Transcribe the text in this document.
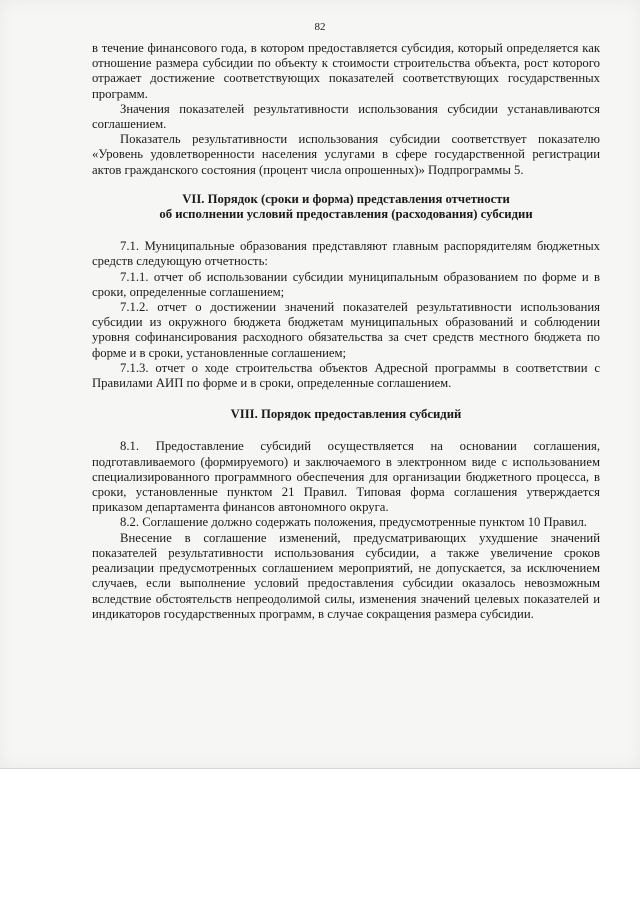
82

в течение финансового года, в котором предоставляется субсидия, который определяется как отношение размера субсидии по объекту к стоимости строительства объекта, рост которого отражает достижение соответствующих показателей соответствующих государственных программ.

Значения показателей результативности использования субсидии устанавливаются соглашением.

Показатель результативности использования субсидии соответствует показателю «Уровень удовлетворенности населения услугами в сфере государственной регистрации актов гражданского состояния (процент числа опрошенных)» Подпрограммы 5.

VII. Порядок (сроки и форма) представления отчетности
об исполнении условий предоставления (расходования) субсидии

7.1. Муниципальные образования представляют главным распорядителям бюджетных средств следующую отчетность:

7.1.1. отчет об использовании субсидии муниципальным образованием по форме и в сроки, определенные соглашением;

7.1.2. отчет о достижении значений показателей результативности использования субсидии из окружного бюджета бюджетам муниципальных образований и соблюдении уровня софинансирования расходного обязательства за счет средств местного бюджета по форме и в сроки, установленные соглашением;

7.1.3. отчет о ходе строительства объектов Адресной программы в соответствии с Правилами АИП по форме и в сроки, определенные соглашением.

VIII. Порядок предоставления субсидий

8.1. Предоставление субсидий осуществляется на основании соглашения, подготавливаемого (формируемого) и заключаемого в электронном виде с использованием специализированного программного обеспечения для организации бюджетного процесса, в сроки, установленные пунктом 21 Правил. Типовая форма соглашения утверждается приказом департамента финансов автономного округа.

8.2. Соглашение должно содержать положения, предусмотренные пунктом 10 Правил.

Внесение в соглашение изменений, предусматривающих ухудшение значений показателей результативности использования субсидии, а также увеличение сроков реализации предусмотренных соглашением мероприятий, не допускается, за исключением случаев, если выполнение условий предоставления субсидии оказалось невозможным вследствие обстоятельств непреодолимой силы, изменения значений целевых показателей и индикаторов государственных программ, в случае сокращения размера субсидии.
